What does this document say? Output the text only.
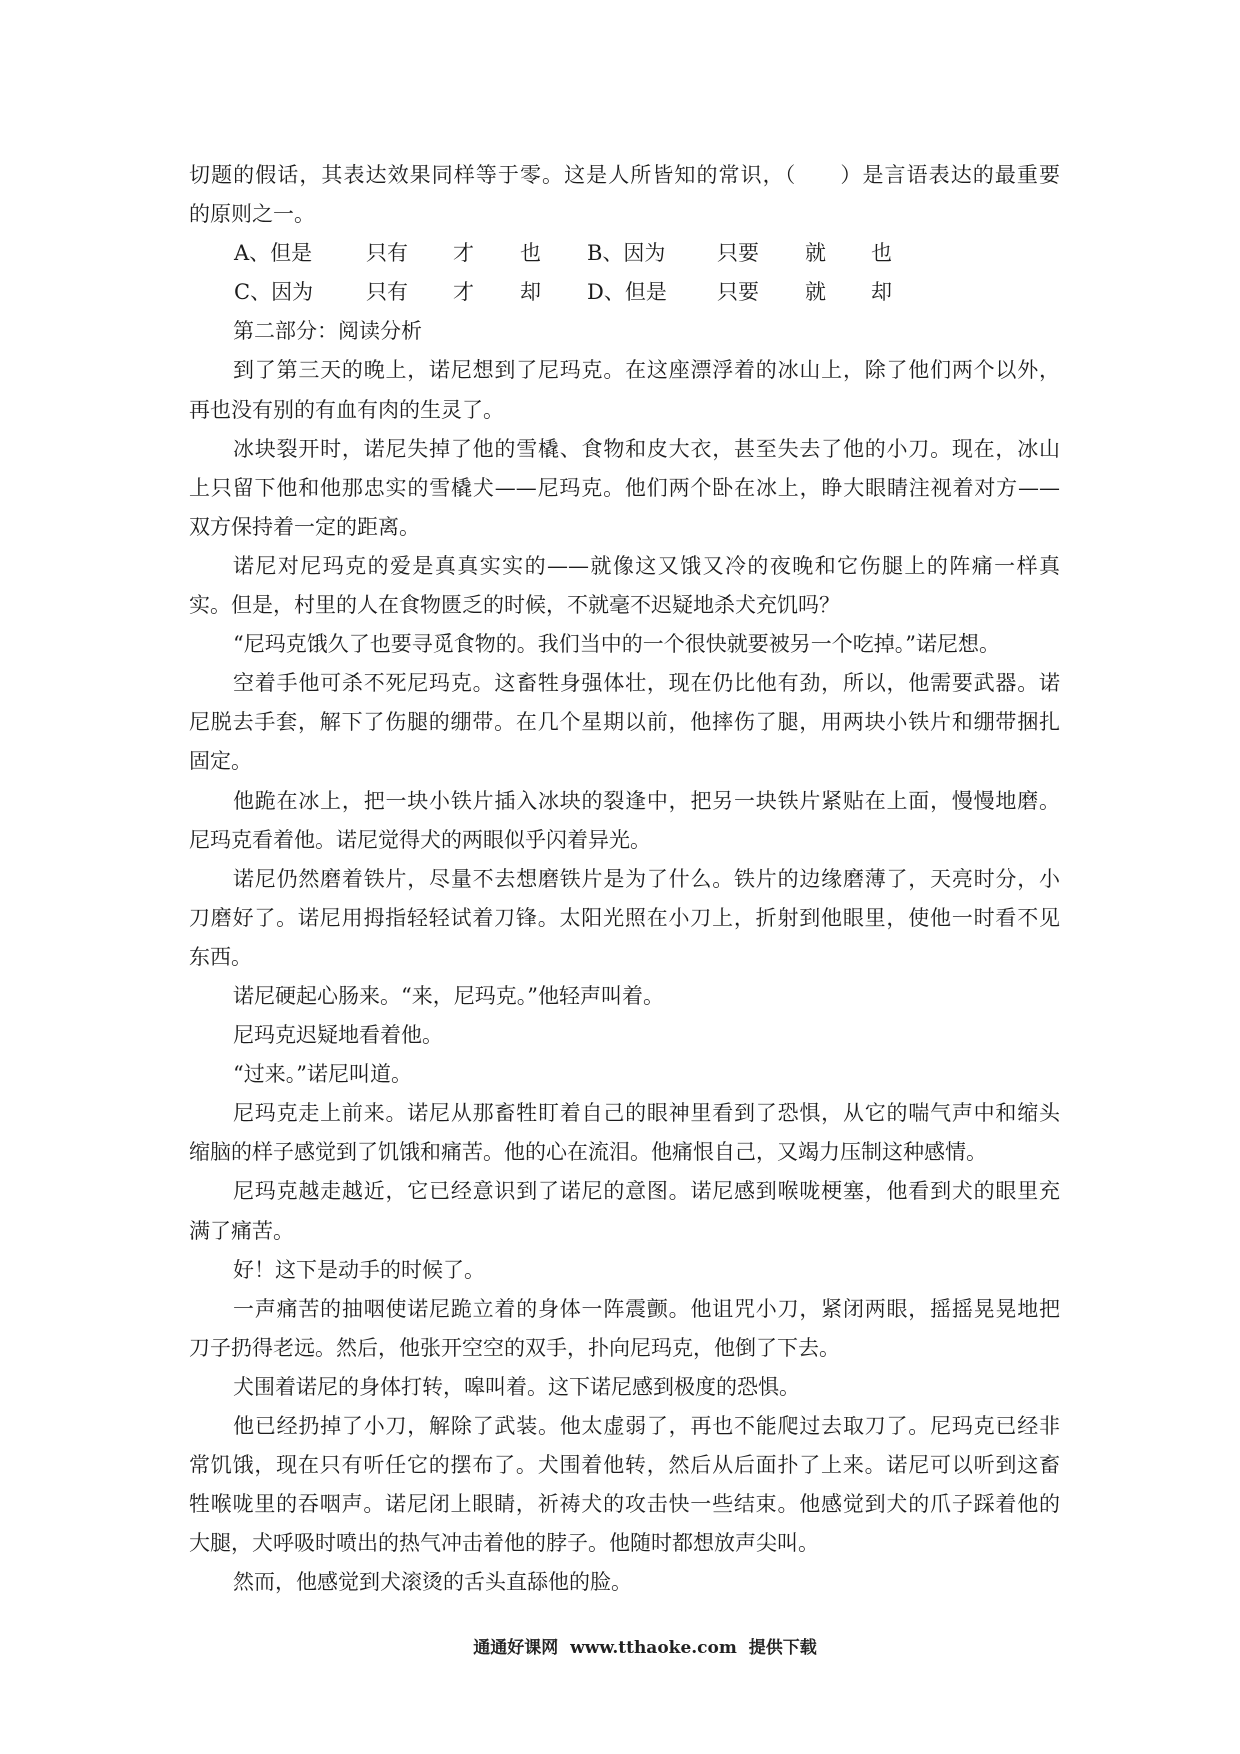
切题的假话，其表达效果同样等于零。这是人所皆知的常识，（　　）是言语表达的最重要
的原则之一。
A、但是	只有 才 也 B、因为 只要 就 也
C、因为	只有 才 却 D、但是 只要 就 却
第二部分：阅读分析
到了第三天的晚上，诺尼想到了尼玛克。在这座漂浮着的冰山上，除了他们两个以外，
再也没有别的有血有肉的生灵了。
冰块裂开时，诺尼失掉了他的雪橇、食物和皮大衣，甚至失去了他的小刀。现在，冰山
上只留下他和他那忠实的雪橇犬——尼玛克。他们两个卧在冰上，睁大眼睛注视着对方——
双方保持着一定的距离。
诺尼对尼玛克的爱是真真实实的——就像这又饿又冷的夜晚和它伤腿上的阵痛一样真
实。但是，村里的人在食物匮乏的时候，不就毫不迟疑地杀犬充饥吗？
“尼玛克饿久了也要寻觅食物的。我们当中的一个很快就要被另一个吃掉。”诺尼想。
空着手他可杀不死尼玛克。这畜牲身强体壮，现在仍比他有劲，所以，他需要武器。诺
尼脱去手套，解下了伤腿的绷带。在几个星期以前，他摔伤了腿，用两块小铁片和绷带捆扎
固定。
他跪在冰上，把一块小铁片插入冰块的裂逢中，把另一块铁片紧贴在上面，慢慢地磨。
尼玛克看着他。诺尼觉得犬的两眼似乎闪着异光。
诺尼仍然磨着铁片，尽量不去想磨铁片是为了什么。铁片的边缘磨薄了，天亮时分，小
刀磨好了。诺尼用拇指轻轻试着刀锋。太阳光照在小刀上，折射到他眼里，使他一时看不见
东西。
诺尼硬起心肠来。“来，尼玛克。”他轻声叫着。
尼玛克迟疑地看着他。
“过来。”诺尼叫道。
尼玛克走上前来。诺尼从那畜牲盯着自己的眼神里看到了恐惧，从它的喘气声中和缩头
缩脑的样子感觉到了饥饿和痛苦。他的心在流泪。他痛恨自己，又竭力压制这种感情。
尼玛克越走越近，它已经意识到了诺尼的意图。诺尼感到喉咙梗塞，他看到犬的眼里充
满了痛苦。
好！这下是动手的时候了。
一声痛苦的抽咽使诺尼跪立着的身体一阵震颤。他诅咒小刀，紧闭两眼，摇摇晃晃地把
刀子扔得老远。然后，他张开空空的双手，扑向尼玛克，他倒了下去。
犬围着诺尼的身体打转，嗥叫着。这下诺尼感到极度的恐惧。
他已经扔掉了小刀，解除了武装。他太虚弱了，再也不能爬过去取刀了。尼玛克已经非
常饥饿，现在只有听任它的摆布了。犬围着他转，然后从后面扑了上来。诺尼可以听到这畜
牲喉咙里的吞咽声。诺尼闭上眼睛，祈祷犬的攻击快一些结束。他感觉到犬的爪子踩着他的
大腿，犬呼吸时喷出的热气冲击着他的脖子。他随时都想放声尖叫。
然而，他感觉到犬滚烫的舌头直舔他的脸。
通通好课网  www.tthaoke.com  提供下载
